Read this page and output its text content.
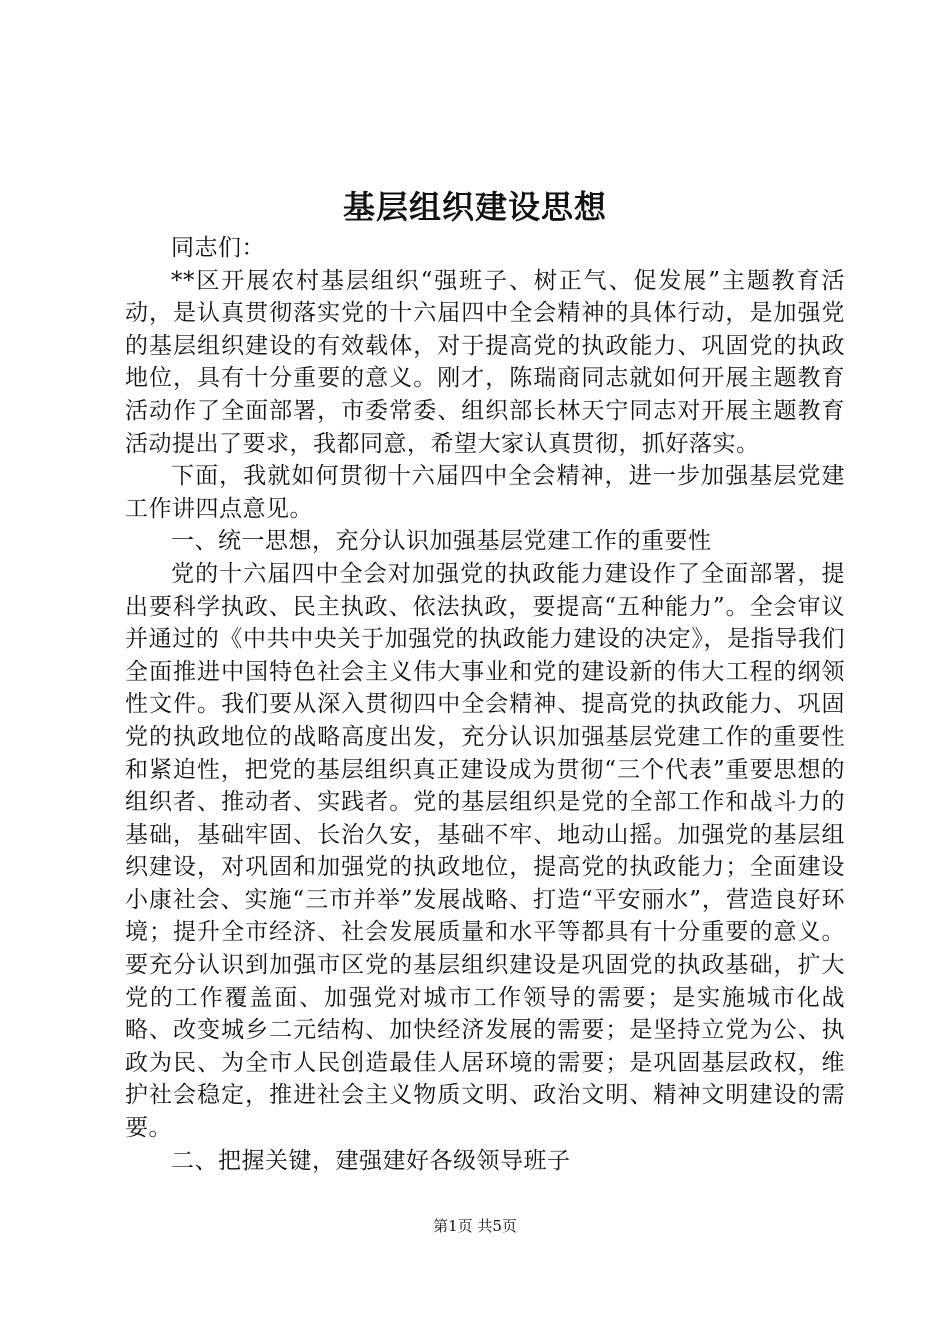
基层组织建设思想

同志们：

**区开展农村基层组织“强班子、树正气、促发展”主题教育活动，是认真贯彻落实党的十六届四中全会精神的具体行动，是加强党的基层组织建设的有效载体，对于提高党的执政能力、巩固党的执政地位，具有十分重要的意义。刚才，陈瑞商同志就如何开展主题教育活动作了全面部署，市委常委、组织部长林天宁同志对开展主题教育活动提出了要求，我都同意，希望大家认真贯彻，抓好落实。

下面，我就如何贯彻十六届四中全会精神，进一步加强基层党建工作讲四点意见。

一、统一思想，充分认识加强基层党建工作的重要性

党的十六届四中全会对加强党的执政能力建设作了全面部署，提出要科学执政、民主执政、依法执政，要提高“五种能力”。全会审议并通过的《中共中央关于加强党的执政能力建设的决定》，是指导我们全面推进中国特色社会主义伟大事业和党的建设新的伟大工程的纲领性文件。我们要从深入贯彻四中全会精神、提高党的执政能力、巩固党的执政地位的战略高度出发，充分认识加强基层党建工作的重要性和紧迫性，把党的基层组织真正建设成为贯彻“三个代表”重要思想的组织者、推动者、实践者。党的基层组织是党的全部工作和战斗力的基础，基础牢固、长治久安，基础不牢、地动山摇。加强党的基层组织建设，对巩固和加强党的执政地位，提高党的执政能力；全面建设小康社会、实施“三市并举”发展战略、打造“平安丽水”，营造良好环境；提升全市经济、社会发展质量和水平等都具有十分重要的意义。要充分认识到加强市区党的基层组织建设是巩固党的执政基础，扩大党的工作覆盖面、加强党对城市工作领导的需要；是实施城市化战略、改变城乡二元结构、加快经济发展的需要；是坚持立党为公、执政为民、为全市人民创造最佳人居环境的需要；是巩固基层政权，维护社会稳定，推进社会主义物质文明、政治文明、精神文明建设的需要。

二、把握关键，建强建好各级领导班子

第1页 共5页
